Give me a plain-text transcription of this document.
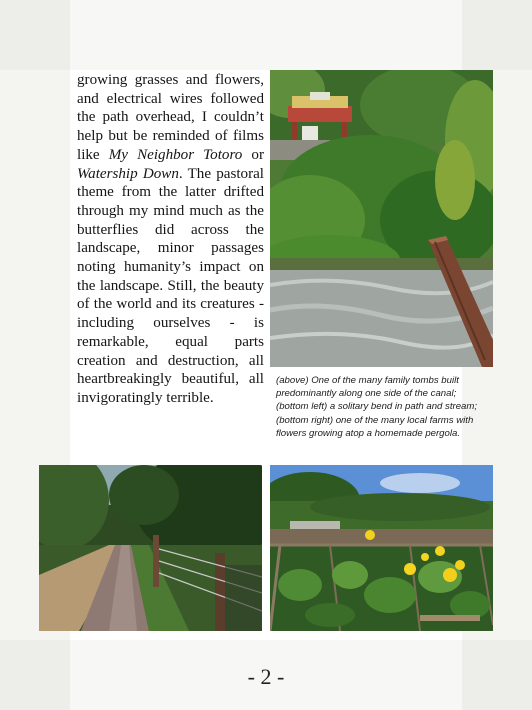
growing grasses and flowers, and electrical wires followed the path overhead, I couldn’t help but be reminded of films like My Neighbor Totoro or Watership Down. The pastoral theme from the latter drifted through my mind much as the butterflies did across the landscape, minor passages noting humanity’s impact on the landscape. Still, the beauty of the world and its creatures - including ourselves - is remarkable, equal parts creation and destruction, all heartbreakingly beautiful, all invigoratingly terrible.

(above) One of the many family tombs built predominantly along one side of the canal; (bottom left) a solitary bend in path and stream; (bottom right) one of the many local farms with flowers growing atop a homemade pergola.

- 2 -
